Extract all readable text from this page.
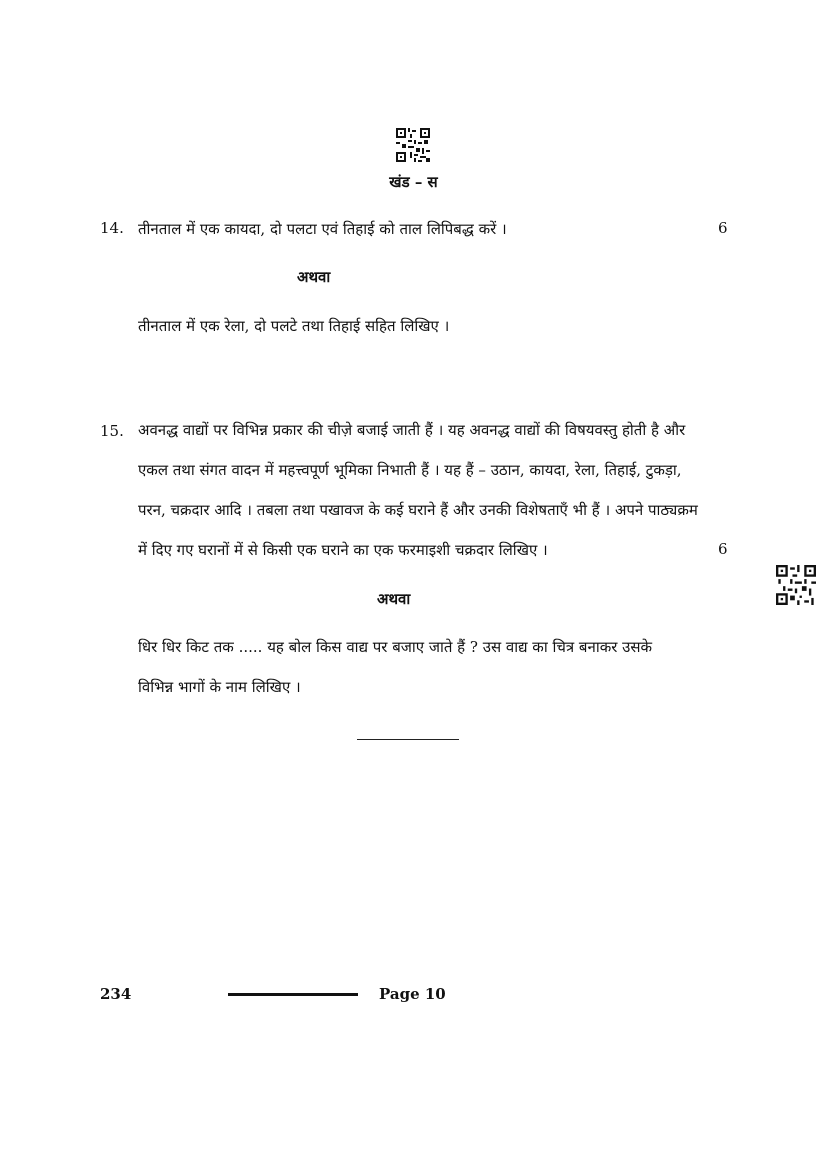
खंड – स
14. तीनताल में एक कायदा, दो पलटा एवं तिहाई को ताल लिपिबद्ध करें ।	6
अथवा
तीनताल में एक रेला, दो पलटे तथा तिहाई सहित लिखिए ।
15. अवनद्ध वाद्यों पर विभिन्न प्रकार की चीज़े बजाई जाती हैं । यह अवनद्ध वाद्यों की विषयवस्तु होती है और
एकल तथा संगत वादन में महत्त्वपूर्ण भूमिका निभाती हैं । यह हैं – उठान, कायदा, रेला, तिहाई, टुकड़ा,
परन, चक्रदार आदि । तबला तथा पखावज के कई घराने हैं और उनकी विशेषताएँ भी हैं । अपने पाठ्यक्रम
में दिए गए घरानों में से किसी एक घराने का एक फरमाइशी चक्रदार लिखिए ।	6
अथवा
धिर धिर किट तक ..... यह बोल किस वाद्य पर बजाए जाते हैं ? उस वाद्य का चित्र बनाकर उसके
विभिन्न भागों के नाम लिखिए ।
234	Page 10
